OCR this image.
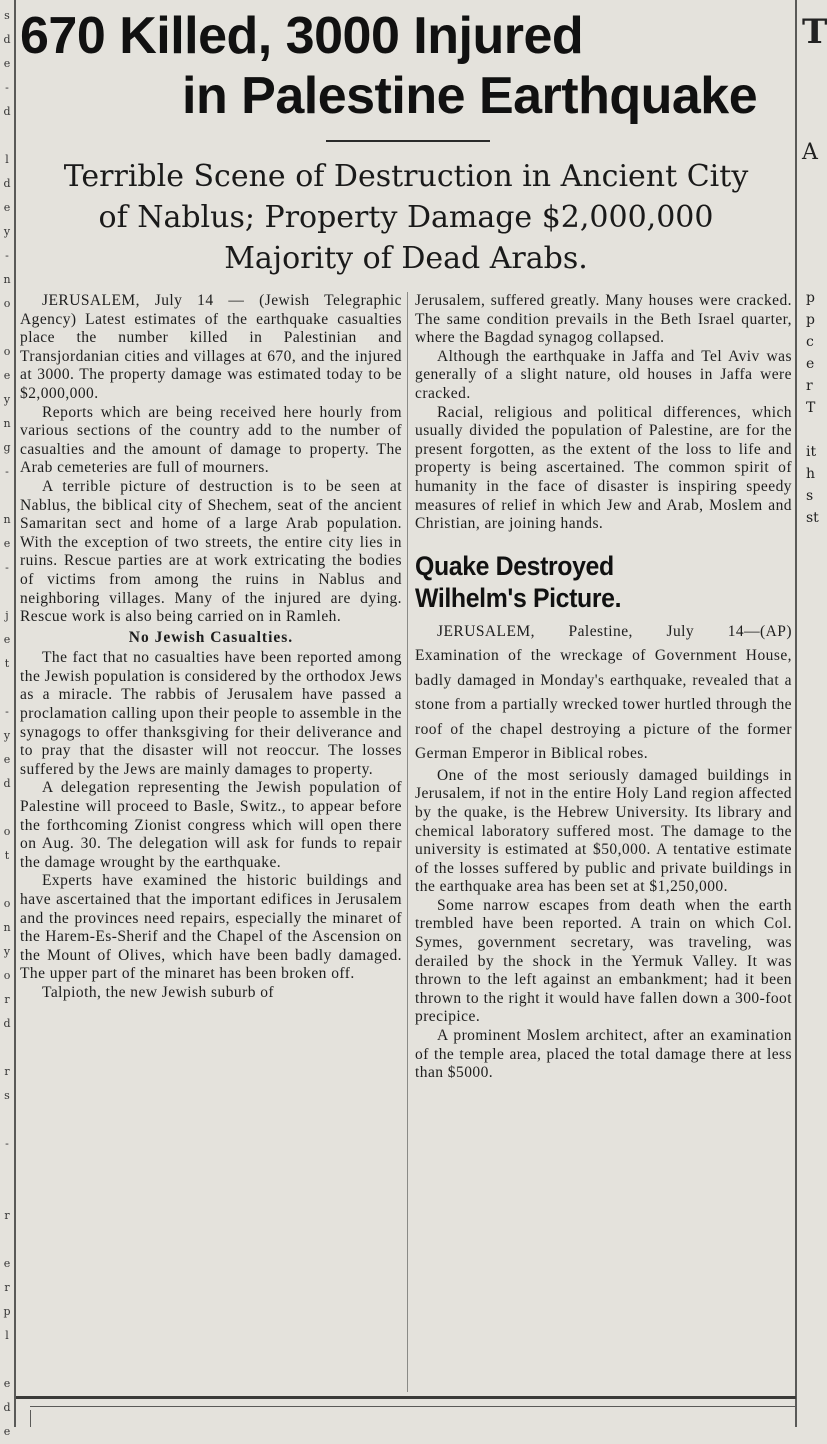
s
d
e
-
d
l
d
e
y
-
n
o
o
e
y
n
g
-
n
e
-
j
e
t
-
y
e
d
o
t
o
n
y
o
r
d
r
s
-
r
e
r
p
l
e
d
e
670 Killed, 3000 Injured
in Palestine Earthquake
Terrible Scene of Destruction in Ancient City
of Nablus; Property Damage $2,000,000
Majority of Dead Arabs.

JERUSALEM, July 14 — (Jewish Telegraphic Agency) Latest estimates of the earthquake casualties place the number killed in Palestinian and Transjordanian cities and villages at 670, and the injured at 3000. The property damage was estimated today to be $2,000,000.

Reports which are being received here hourly from various sections of the country add to the number of casualties and the amount of damage to property. The Arab cemeteries are full of mourners.

A terrible picture of destruction is to be seen at Nablus, the biblical city of Shechem, seat of the ancient Samaritan sect and home of a large Arab population. With the exception of two streets, the entire city lies in ruins. Rescue parties are at work extricating the bodies of victims from among the ruins in Nablus and neighboring villages. Many of the injured are dying. Rescue work is also being carried on in Ramleh.

No Jewish Casualties.

The fact that no casualties have been reported among the Jewish population is considered by the orthodox Jews as a miracle. The rabbis of Jerusalem have passed a proclamation calling upon their people to assemble in the synagogs to offer thanksgiving for their deliverance and to pray that the disaster will not reoccur. The losses suffered by the Jews are mainly damages to property.

A delegation representing the Jewish population of Palestine will proceed to Basle, Switz., to appear before the forthcoming Zionist congress which will open there on Aug. 30. The delegation will ask for funds to repair the damage wrought by the earthquake.

Experts have examined the historic buildings and have ascertained that the important edifices in Jerusalem and the provinces need repairs, especially the minaret of the Harem-Es-Sherif and the Chapel of the Ascension on the Mount of Olives, which have been badly damaged. The upper part of the minaret has been broken off.

Talpioth, the new Jewish suburb of

Jerusalem, suffered greatly. Many houses were cracked. The same condition prevails in the Beth Israel quarter, where the Bagdad synagog collapsed.

Although the earthquake in Jaffa and Tel Aviv was generally of a slight nature, old houses in Jaffa were cracked.

Racial, religious and political differences, which usually divided the population of Palestine, are for the present forgotten, as the extent of the loss to life and property is being ascertained. The common spirit of humanity in the face of disaster is inspiring speedy measures of relief in which Jew and Arab, Moslem and Christian, are joining hands.

Quake Destroyed
Wilhelm's Picture.

JERUSALEM, Palestine, July 14—(AP) Examination of the wreckage of Government House, badly damaged in Monday's earthquake, revealed that a stone from a partially wrecked tower hurtled through the roof of the chapel destroying a picture of the former German Emperor in Biblical robes.

One of the most seriously damaged buildings in Jerusalem, if not in the entire Holy Land region affected by the quake, is the Hebrew University. Its library and chemical laboratory suffered most. The damage to the university is estimated at $50,000. A tentative estimate of the losses suffered by public and private buildings in the earthquake area has been set at $1,250,000.

Some narrow escapes from death when the earth trembled have been reported. A train on which Col. Symes, government secretary, was traveling, was derailed by the shock in the Yermuk Valley. It was thrown to the left against an embankment; had it been thrown to the right it would have fallen down a 300-foot precipice.

A prominent Moslem architect, after an examination of the temple area, placed the total damage there at less than $5000.

T
A
p
p
c
e
r
T
it
h
s
st
